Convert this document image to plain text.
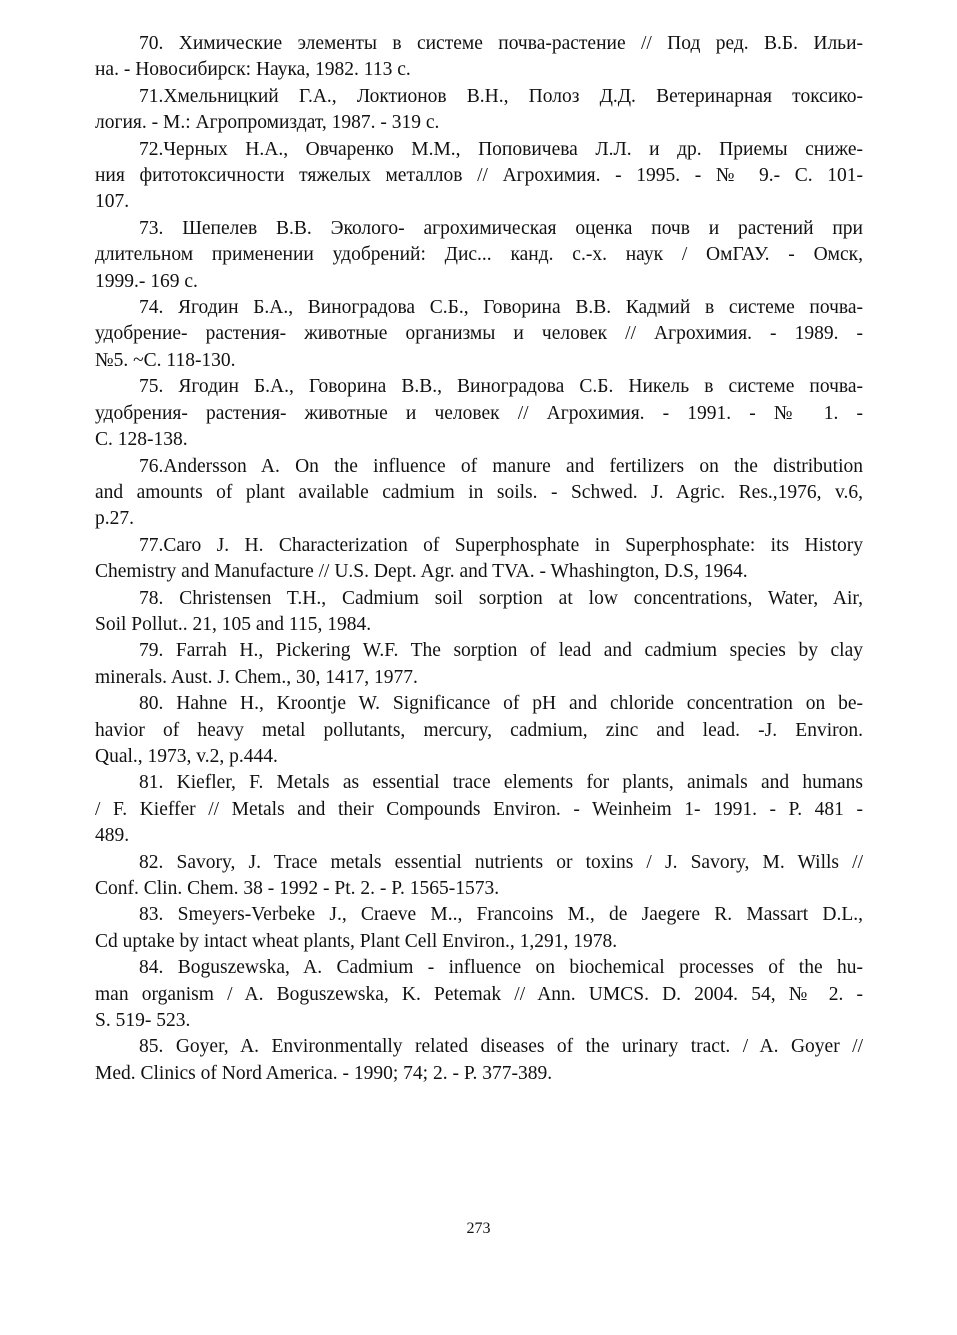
70. Химические элементы в системе почва-растение // Под ред. В.Б. Ильи-
на. - Новосибирск: Наука, 1982. 113 с.
71.Хмельницкий Г.А., Локтионов В.Н., Полоз Д.Д. Ветеринарная токсико-
логия. - М.: Агропромиздат, 1987. - 319 с.
72.Черных Н.А., Овчаренко М.М., Поповичева Л.Л. и др. Приемы сниже-
ния фитотоксичности тяжелых металлов // Агрохимия. - 1995. - № 9.- С. 101-
107.
73. Шепелев В.В. Эколого- агрохимическая оценка почв и растений при
длительном применении удобрений: Дис... канд. с.-х. наук / ОмГАУ. - Омск,
1999.- 169 с.
74. Ягодин Б.А., Виноградова С.Б., Говорина В.В. Кадмий в системе почва-
удобрение- растения- животные организмы и человек // Агрохимия. - 1989. -
№5. ~С. 118-130.
75. Ягодин Б.А., Говорина В.В., Виноградова С.Б. Никель в системе почва-
удобрения- растения- животные и человек // Агрохимия. - 1991. - № 1. -
С. 128-138.
76.Andersson A. On the influence of manure and fertilizers on the distribution
and amounts of plant available cadmium in soils. - Schwed. J. Agric. Res.,1976, v.6,
p.27.
77.Caro J. H. Characterization of Superphosphate in Superphosphate: its History
Chemistry and Manufacture // U.S. Dept. Agr. and TVA. - Whashington, D.S, 1964.
78. Christensen T.H., Cadmium soil sorption at low concentrations, Water, Air,
Soil Pollut.. 21, 105 and 115, 1984.
79. Farrah H., Pickering W.F. The sorption of lead and cadmium species by clay
minerals. Aust. J. Chem., 30, 1417, 1977.
80. Hahne H., Kroontje W. Significance of pH and chloride concentration on be-
havior of heavy metal pollutants, mercury, cadmium, zinc and lead. -J. Environ.
Qual., 1973, v.2, p.444.
81. Kiefler, F. Metals as essential trace elements for plants, animals and humans
/ F. Kieffer // Metals and their Compounds Environ. - Weinheim 1- 1991. - P. 481 -
489.
82. Savory, J. Trace metals essential nutrients or toxins / J. Savory, M. Wills //
Conf. Clin. Chem. 38 - 1992 - Pt. 2. - P. 1565-1573.
83. Smeyers-Verbeke J., Craeve M.., Francoins M., de Jaegere R. Massart D.L.,
Cd uptake by intact wheat plants, Plant Cell Environ., 1,291, 1978.
84. Boguszewska, A. Cadmium - influence on biochemical processes of the hu-
man organism / A. Boguszewska, K. Petemak // Ann. UMCS. D. 2004. 54, № 2. -
S. 519- 523.
85. Goyer, A. Environmentally related diseases of the urinary tract. / A. Goyer //
Med. Clinics of Nord America. - 1990; 74; 2. - P. 377-389.
273
